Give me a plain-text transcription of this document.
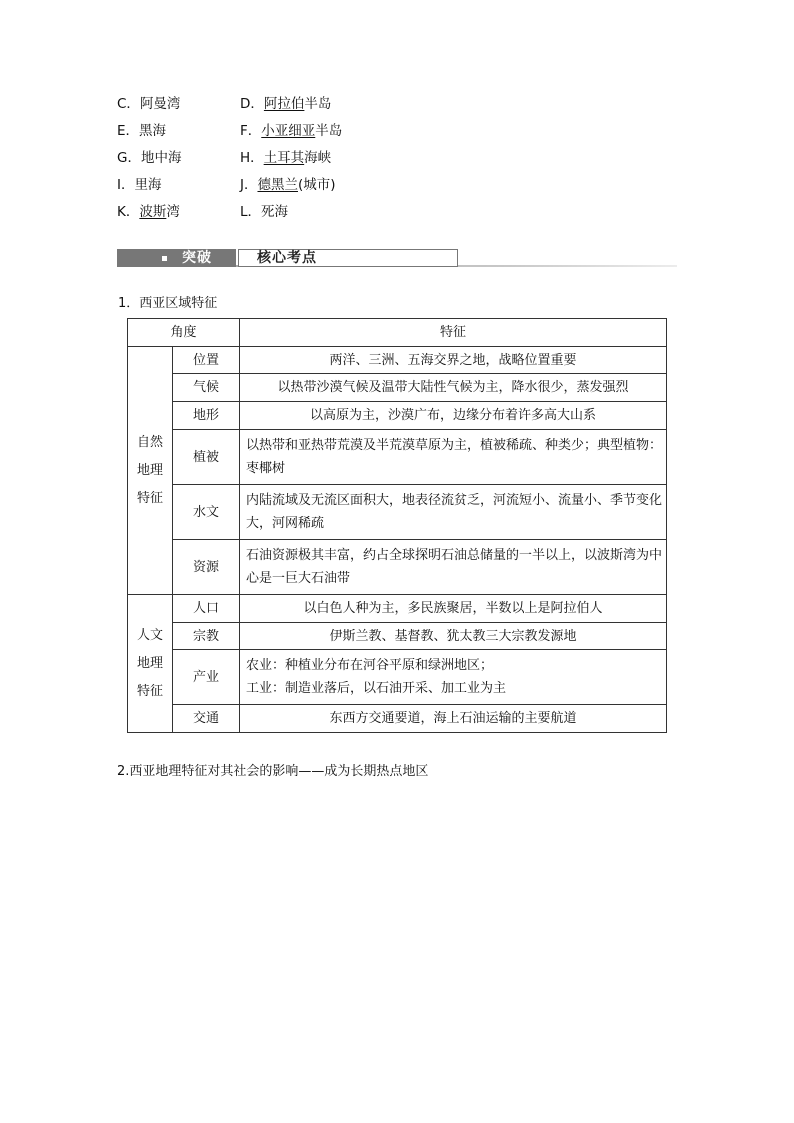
C．阿曼湾	D．阿拉伯半岛
E．黑海	F．小亚细亚半岛
G．地中海	H．土耳其海峡
I．里海	J．德黑兰(城市)
K．波斯湾	L．死海
突破	核心考点
1．西亚区域特征
角度		特征

自然地理特征	位置	两洋、三洲、五海交界之地，战略位置重要
	气候	以热带沙漠气候及温带大陆性气候为主，降水很少，蒸发强烈
	地形	以高原为主，沙漠广布，边缘分布着许多高大山系
	植被	以热带和亚热带荒漠及半荒漠草原为主，植被稀疏、种类少；典型植物：枣椰树
	水文	内陆流域及无流区面积大，地表径流贫乏，河流短小、流量小、季节变化大，河网稀疏
	资源	石油资源极其丰富，约占全球探明石油总储量的一半以上，以波斯湾为中心是一巨大石油带

人文地理特征	人口	以白色人种为主，多民族聚居，半数以上是阿拉伯人
	宗教	伊斯兰教、基督教、犹太教三大宗教发源地
	产业	农业：种植业分布在河谷平原和绿洲地区；
工业：制造业落后，以石油开采、加工业为主

	交通	东西方交通要道，海上石油运输的主要航道
2.西亚地理特征对其社会的影响——成为长期热点地区
